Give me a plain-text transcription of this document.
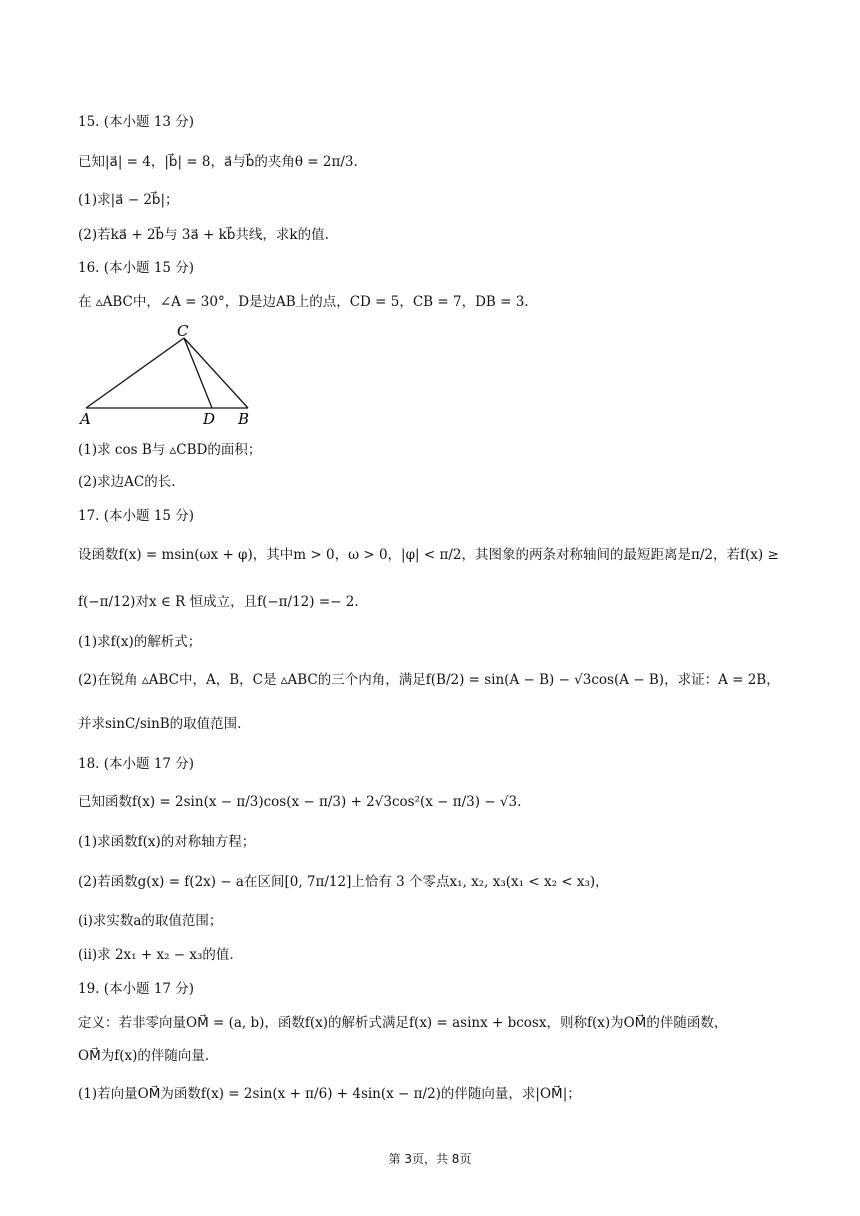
15. (本小题 13 分)
已知|a⃗| = 4，|b⃗| = 8，a⃗与b⃗的夹角θ = 2π/3.
(1)求|a⃗ − 2b⃗|；
(2)若ka⃗ + 2b⃗与 3a⃗ + kb⃗共线，求k的值.
16. (本小题 15 分)
在 ▵ABC中，∠A = 30°，D是边AB上的点，CD = 5，CB = 7，DB = 3.
C
A	D B
(1)求 cos B与 ▵CBD的面积；
(2)求边AC的长.
17. (本小题 15 分)
设函数f(x) = msin(ωx + φ)，其中m > 0，ω > 0，|φ| < π/2，其图象的两条对称轴间的最短距离是π/2，若f(x) ≥
f(−π/12)对x ∈ R 恒成立，且f(−π/12) =− 2.
(1)求f(x)的解析式；
(2)在锐角 ▵ABC中，A，B，C是 ▵ABC的三个内角，满足f(B/2) = sin(A − B) − √3cos(A − B)，求证：A = 2B，
并求sinC/sinB的取值范围.
18. (本小题 17 分)
已知函数f(x) = 2sin(x − π/3)cos(x − π/3) + 2√3cos²(x − π/3) − √3.
(1)求函数f(x)的对称轴方程；
(2)若函数g(x) = f(2x) − a在区间[0, 7π/12]上恰有 3 个零点x₁, x₂, x₃(x₁ < x₂ < x₃)，
(i)求实数a的取值范围；
(ii)求 2x₁ + x₂ − x₃的值.
19. (本小题 17 分)
定义：若非零向量OM⃗ = (a, b)，函数f(x)的解析式满足f(x) = asinx + bcosx，则称f(x)为OM⃗的伴随函数，
OM⃗为f(x)的伴随向量.
(1)若向量OM⃗为函数f(x) = 2sin(x + π/6) + 4sin(x − π/2)的伴随向量，求|OM⃗|；
第 3页，共 8页
